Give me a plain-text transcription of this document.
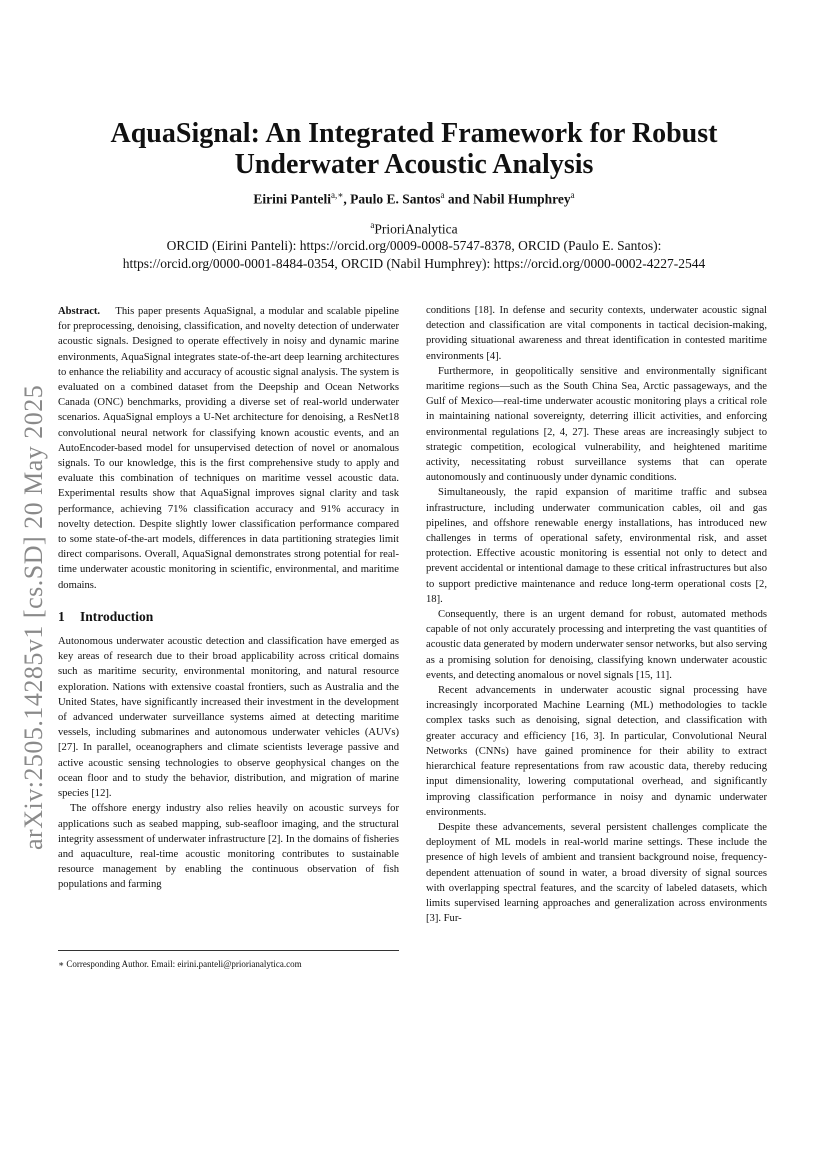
arXiv:2505.14285v1 [cs.SD] 20 May 2025
AquaSignal: An Integrated Framework for Robust
Underwater Acoustic Analysis
Eirini Panteli$^{a,∗}$, Paulo E. Santos$^a$ and Nabil Humphrey$^a$
$^a$PrioriAnalytica
ORCID (Eirini Panteli): https://orcid.org/0009-0008-5747-8378, ORCID (Paulo E. Santos):
https://orcid.org/0000-0001-8484-0354, ORCID (Nabil Humphrey): https://orcid.org/0000-0002-4227-2544

Abstract. This paper presents AquaSignal, a modular and scalable pipeline for preprocessing, denoising, classification, and novelty detection of underwater acoustic signals. Designed to operate effectively in noisy and dynamic marine environments, AquaSignal integrates state-of-the-art deep learning architectures to enhance the reliability and accuracy of acoustic signal analysis. The system is evaluated on a combined dataset from the Deepship and Ocean Networks Canada (ONC) benchmarks, providing a diverse set of real-world underwater scenarios. AquaSignal employs a U-Net architecture for denoising, a ResNet18 convolutional neural network for classifying known acoustic events, and an AutoEncoder-based model for unsupervised detection of novel or anomalous signals. To our knowledge, this is the first comprehensive study to apply and evaluate this combination of techniques on maritime vessel acoustic data. Experimental results show that AquaSignal improves signal clarity and task performance, achieving 71% classification accuracy and 91% accuracy in novelty detection. Despite slightly lower classification performance compared to some state-of-the-art models, differences in data partitioning strategies limit direct comparisons. Overall, AquaSignal demonstrates strong potential for real-time underwater acoustic monitoring in scientific, environmental, and maritime domains.

1 Introduction

Autonomous underwater acoustic detection and classification have emerged as key areas of research due to their broad applicability across critical domains such as maritime security, environmental monitoring, and natural resource exploration. Nations with extensive coastal frontiers, such as Australia and the United States, have significantly increased their investment in the development of advanced underwater surveillance systems aimed at detecting maritime vessels, including submarines and autonomous underwater vehicles (AUVs) [27]. In parallel, oceanographers and climate scientists leverage passive and active acoustic sensing technologies to observe geophysical changes on the ocean floor and to study the behavior, distribution, and migration of marine species [12].

The offshore energy industry also relies heavily on acoustic surveys for applications such as seabed mapping, sub-seafloor imaging, and the structural integrity assessment of underwater infrastructure [2]. In the domains of fisheries and aquaculture, real-time acoustic monitoring contributes to sustainable resource management by enabling the continuous observation of fish populations and farming

∗ Corresponding Author. Email: eirini.panteli@priorianalytica.com

conditions [18]. In defense and security contexts, underwater acoustic signal detection and classification are vital components in tactical decision-making, providing situational awareness and threat identification in contested maritime environments [4].

Furthermore, in geopolitically sensitive and environmentally significant maritime regions—such as the South China Sea, Arctic passageways, and the Gulf of Mexico—real-time underwater acoustic monitoring plays a critical role in maintaining national sovereignty, deterring illicit activities, and enforcing environmental regulations [2, 4, 27]. These areas are increasingly subject to strategic competition, ecological vulnerability, and heightened maritime activity, necessitating robust surveillance systems that can operate autonomously and continuously under dynamic conditions.

Simultaneously, the rapid expansion of maritime traffic and subsea infrastructure, including underwater communication cables, oil and gas pipelines, and offshore renewable energy installations, has introduced new challenges in terms of operational safety, environmental risk, and asset protection. Effective acoustic monitoring is essential not only to detect and prevent accidental or intentional damage to these critical infrastructures but also to support predictive maintenance and reduce long-term operational costs [2, 18].

Consequently, there is an urgent demand for robust, automated methods capable of not only accurately processing and interpreting the vast quantities of acoustic data generated by modern underwater sensor networks, but also serving as a promising solution for denoising, classifying known underwater acoustic events, and detecting anomalous or novel signals [15, 11].

Recent advancements in underwater acoustic signal processing have increasingly incorporated Machine Learning (ML) methodologies to tackle complex tasks such as denoising, signal detection, and classification with greater accuracy and efficiency [16, 3]. In particular, Convolutional Neural Networks (CNNs) have gained prominence for their ability to extract hierarchical feature representations from raw acoustic data, thereby reducing input dimensionality, lowering computational overhead, and significantly improving classification performance in noisy and dynamic underwater environments.

Despite these advancements, several persistent challenges complicate the deployment of ML models in real-world marine settings. These include the presence of high levels of ambient and transient background noise, frequency-dependent attenuation of sound in water, a broad diversity of signal sources with overlapping spectral features, and the scarcity of labeled datasets, which limits supervised learning approaches and generalization across environments [3]. Fur-
